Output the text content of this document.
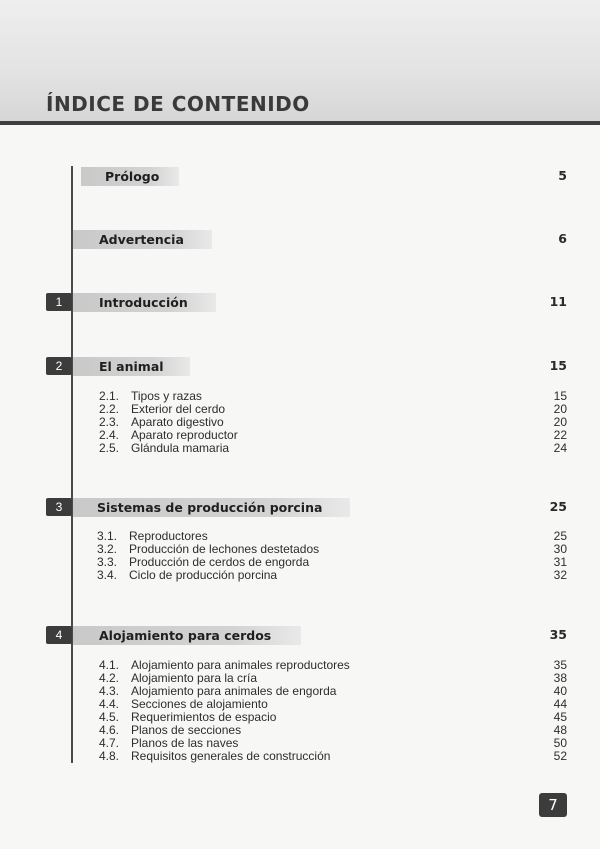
ÍNDICE DE CONTENIDO
Prólogo	5
Advertencia	6
1	Introducción	11
2	El animal	15
2.1. Tipos y razas	15
2.2. Exterior del cerdo	20
2.3. Aparato digestivo	20
2.4. Aparato reproductor	22
2.5. Glándula mamaria	24
3	Sistemas de producción porcina	25
3.1. Reproductores	25
3.2. Producción de lechones destetados	30
3.3. Producción de cerdos de engorda	31
3.4. Ciclo de producción porcina	32
4	Alojamiento para cerdos	35
4.1. Alojamiento para animales reproductores	35
4.2. Alojamiento para la cría	38
4.3. Alojamiento para animales de engorda	40
4.4. Secciones de alojamiento	44
4.5. Requerimientos de espacio	45
4.6. Planos de secciones	48
4.7. Planos de las naves	50
4.8. Requisitos generales de construcción	52
7
